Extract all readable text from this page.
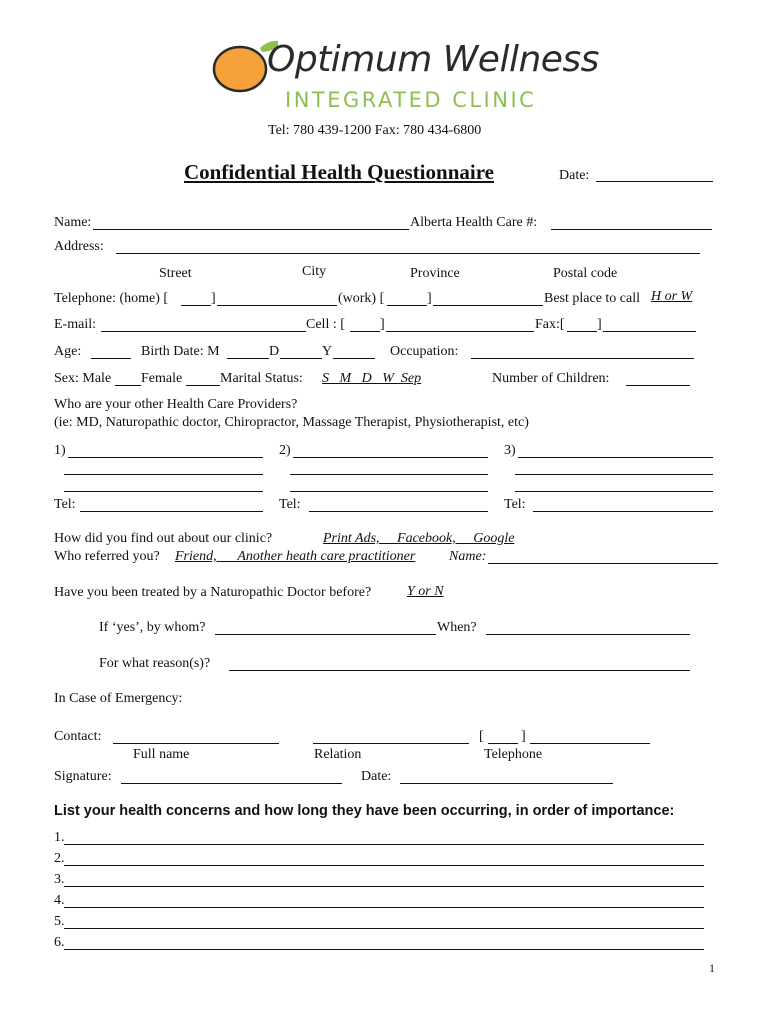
Optimum Wellness
INTEGRATED CLINIC
Tel: 780 439-1200 Fax: 780 434-6800
Confidential Health Questionnaire	Date:
Name:	Alberta Health Care #:
Address:
Street	City	Province	Postal code
Telephone: (home) [	]	(work) [	]	Best place to call H or W
E-mail:	Cell : [	]	Fax:[ ]
Age:	Birth Date: M	D	Y	Occupation:
Sex: Male Female	Marital Status: S   M   D   W  Sep	Number of Children:
Who are your other Health Care Providers?
(ie: MD, Naturopathic doctor, Chiropractor, Massage Therapist, Physiotherapist, etc)
1)
Tel:
2)
Tel:
3)
Tel:
How did you find out about our clinic?	Print Ads,     Facebook,     Google
Who referred you? Friend,      Another heath care practitioner Name:
Have you been treated by a Naturopathic Doctor before?	Y or N
If ‘yes’, by whom?	When?
For what reason(s)?
In Case of Emergency:
Contact:	[	]
Full name	Relation	Telephone
Signature:	Date:
List your health concerns and how long they have been occurring, in order of importance:
1.
2.
3.
4.
5.
6.
1
